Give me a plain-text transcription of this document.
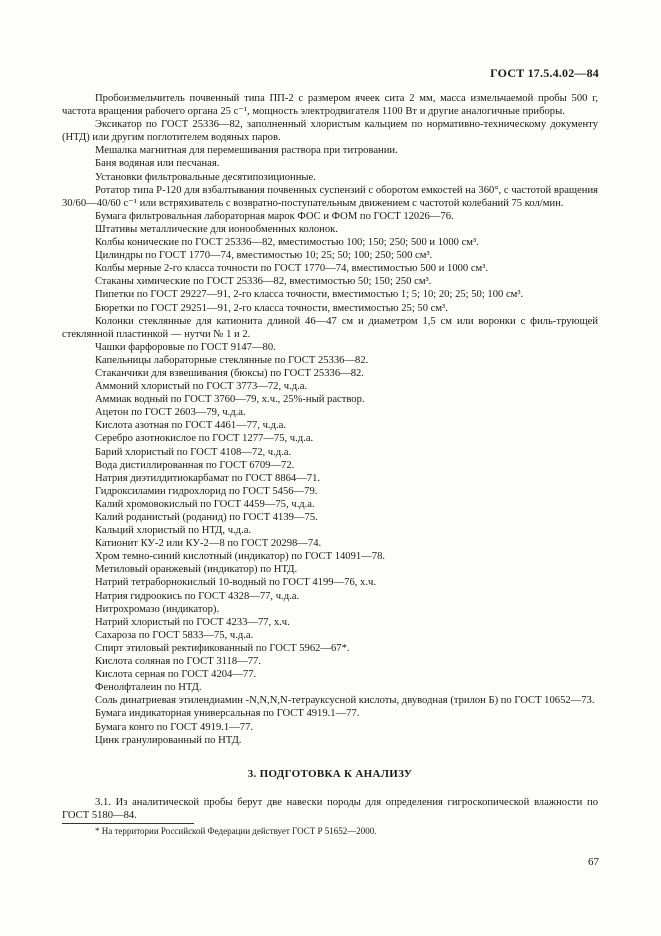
ГОСТ 17.5.4.02—84

Пробоизмельчитель почвенный типа ПП-2 с размером ячеек сита 2 мм, масса измельчаемой пробы 500 г, частота вращения рабочего органа 25 с⁻¹, мощность электродвигателя 1100 Вт и другие аналогичные приборы.

Эксикатор по ГОСТ 25336—82, заполненный хлористым кальцием по нормативно-техническому документу (НТД) или другим поглотителем водяных паров.

Мешалка магнитная для перемешивания раствора при титровании.

Баня водяная или песчаная.

Установки фильтровальные десятипозиционные.

Ротатор типа Р-120 для взбалтывания почвенных суспензий с оборотом емкостей на 360°, с частотой вращения 30/60—40/60 с⁻¹ или встряхиватель с возвратно-поступательным движением с частотой колебаний 75 кол/мин.

Бумага фильтровальная лабораторная марок ФОС и ФОМ по ГОСТ 12026—76.

Штативы металлические для ионообменных колонок.

Колбы конические по ГОСТ 25336—82, вместимостью 100; 150; 250; 500 и 1000 см³.

Цилиндры по ГОСТ 1770—74, вместимостью 10; 25; 50; 100; 250; 500 см³.

Колбы мерные 2-го класса точности по ГОСТ 1770—74, вместимостью 500 и 1000 см³.

Стаканы химические по ГОСТ 25336—82, вместимостью 50; 150; 250 см³.

Пипетки по ГОСТ 29227—91, 2-го класса точности, вместимостью 1; 5; 10; 20; 25; 50; 100 см³.

Бюретки по ГОСТ 29251—91, 2-го класса точности, вместимостью 25; 50 см³.

Колонки стеклянные для катионита длиной 46—47 см и диаметром 1,5 см или воронки с филь-трующей стеклянной пластинкой — нутчи № 1 и 2.

Чашки фарфоровые по ГОСТ 9147—80.

Капельницы лабораторные стеклянные по ГОСТ 25336—82.

Стаканчики для взвешивания (бюксы) по ГОСТ 25336—82.

Аммоний хлористый по ГОСТ 3773—72, ч.д.а.

Аммиак водный по ГОСТ 3760—79, х.ч., 25%-ный раствор.

Ацетон по ГОСТ 2603—79, ч.д.а.

Кислота азотная по ГОСТ 4461—77, ч.д.а.

Серебро азотнокислое по ГОСТ 1277—75, ч.д.а.

Барий хлористый по ГОСТ 4108—72, ч.д.а.

Вода дистиллированная по ГОСТ 6709—72.

Натрия диэтилдитиокарбамат по ГОСТ 8864—71.

Гидроксиламин гидрохлорид по ГОСТ 5456—79.

Калий хромовокислый по ГОСТ 4459—75, ч.д.а.

Калий роданистый (роданид) по ГОСТ 4139—75.

Кальций хлористый по НТД, ч.д.а.

Катионит КУ-2 или КУ-2—8 по ГОСТ 20298—74.

Хром темно-синий кислотный (индикатор) по ГОСТ 14091—78.

Метиловый оранжевый (индикатор) по НТД.

Натрий тетраборнокислый 10-водный по ГОСТ 4199—76, х.ч.

Натрия гидроокись по ГОСТ 4328—77, ч.д.а.

Нитрохромазо (индикатор).

Натрий хлористый по ГОСТ 4233—77, х.ч.

Сахароза по ГОСТ 5833—75, ч.д.а.

Спирт этиловый ректификованный по ГОСТ 5962—67*.

Кислота соляная по ГОСТ 3118—77.

Кислота серная по ГОСТ 4204—77.

Фенолфталеин по НТД.

Соль динатриевая этилендиамин -N,N,N,N-тетрауксусной кислоты, двуводная (трилон Б) по ГОСТ 10652—73.

Бумага индикаторная универсальная по ГОСТ 4919.1—77.

Бумага конго по ГОСТ 4919.1—77.

Цинк гранулированный по НТД.

3. ПОДГОТОВКА К АНАЛИЗУ

3.1. Из аналитической пробы берут две навески породы для определения гигроскопической влажности по ГОСТ 5180—84.

* На территории Российской Федерации действует ГОСТ Р 51652—2000.
67
